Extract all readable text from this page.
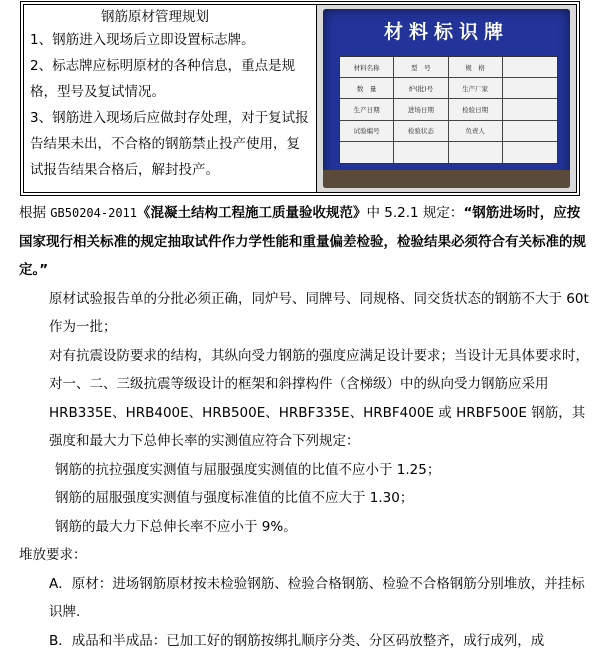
钢筋原材管理规划

1、钢筋进入现场后立即设置标志牌。

2、标志牌应标明原材的各种信息，重点是规格，型号及复试情况。

3、钢筋进入现场后应做封存处理，对于复试报告结果未出，不合格的钢筋禁止投产使用，复试报告结果合格后，解封投产。

材料标识牌
材料名称	型　号	规　格
数　量	炉(批)号	生产厂家
生产日期	进场日期	检验日期
试验编号	检验状态	负责人

根据 GB50204-2011《混凝土结构工程施工质量验收规范》中 5.2.1 规定：“钢筋进场时，应按国家现行相关标准的规定抽取试件作力学性能和重量偏差检验，检验结果必须符合有关标准的规定。”

原材试验报告单的分批必须正确，同炉号、同牌号、同规格、同交货状态的钢筋不大于 60t 作为一批；

对有抗震设防要求的结构，其纵向受力钢筋的强度应满足设计要求；当设计无具体要求时，对一、二、三级抗震等级设计的框架和斜撑构件（含梯级）中的纵向受力钢筋应采用 HRB335E、HRB400E、HRB500E、HRBF335E、HRBF400E 或 HRBF500E 钢筋，其强度和最大力下总伸长率的实测值应符合下列规定：

钢筋的抗拉强度实测值与屈服强度实测值的比值不应小于 1.25；

钢筋的屈服强度实测值与强度标准值的比值不应大于 1.30；

钢筋的最大力下总伸长率不应小于 9%。

堆放要求：

A．原材：进场钢筋原材按未检验钢筋、检验合格钢筋、检验不合格钢筋分别堆放，并挂标识牌.

B．成品和半成品：已加工好的钢筋按绑扎顺序分类、分区码放整齐，成行成列，成
